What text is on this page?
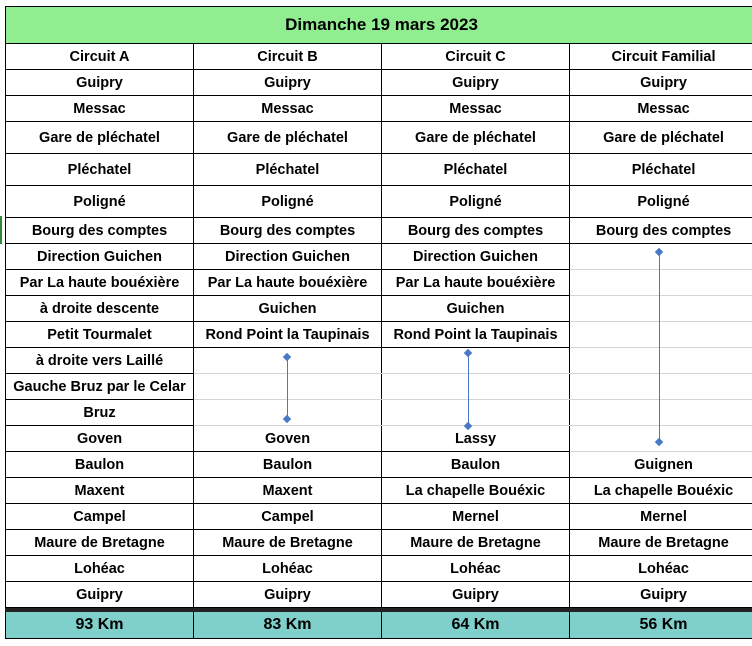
Dimanche 19 mars 2023			
Circuit A	Circuit B	Circuit C	Circuit Familial
Guipry	Guipry	Guipry	Guipry
Messac	Messac	Messac	Messac
Gare de pléchatel	Gare de pléchatel	Gare de pléchatel	Gare de pléchatel
Pléchatel	Pléchatel	Pléchatel	Pléchatel
Poligné	Poligné	Poligné	Poligné
Bourg des comptes	Bourg des comptes	Bourg des comptes	Bourg des comptes
Direction Guichen	Direction Guichen	Direction Guichen	
Par La haute bouéxière	Par La haute bouéxière	Par La haute bouéxière	
à droite descente	Guichen	Guichen	
Petit Tourmalet	Rond Point la Taupinais	Rond Point la Taupinais	
à droite vers Laillé			
Gauche Bruz par le Celar			
Bruz			
Goven	Goven	Lassy	
Baulon	Baulon	Baulon	Guignen
Maxent	Maxent	La chapelle Bouéxic	La chapelle Bouéxic
Campel	Campel	Mernel	Mernel
Maure de Bretagne	Maure de Bretagne	Maure de Bretagne	Maure de Bretagne
Lohéac	Lohéac	Lohéac	Lohéac
Guipry	Guipry	Guipry	Guipry

93 Km	83 Km	64 Km	56 Km
